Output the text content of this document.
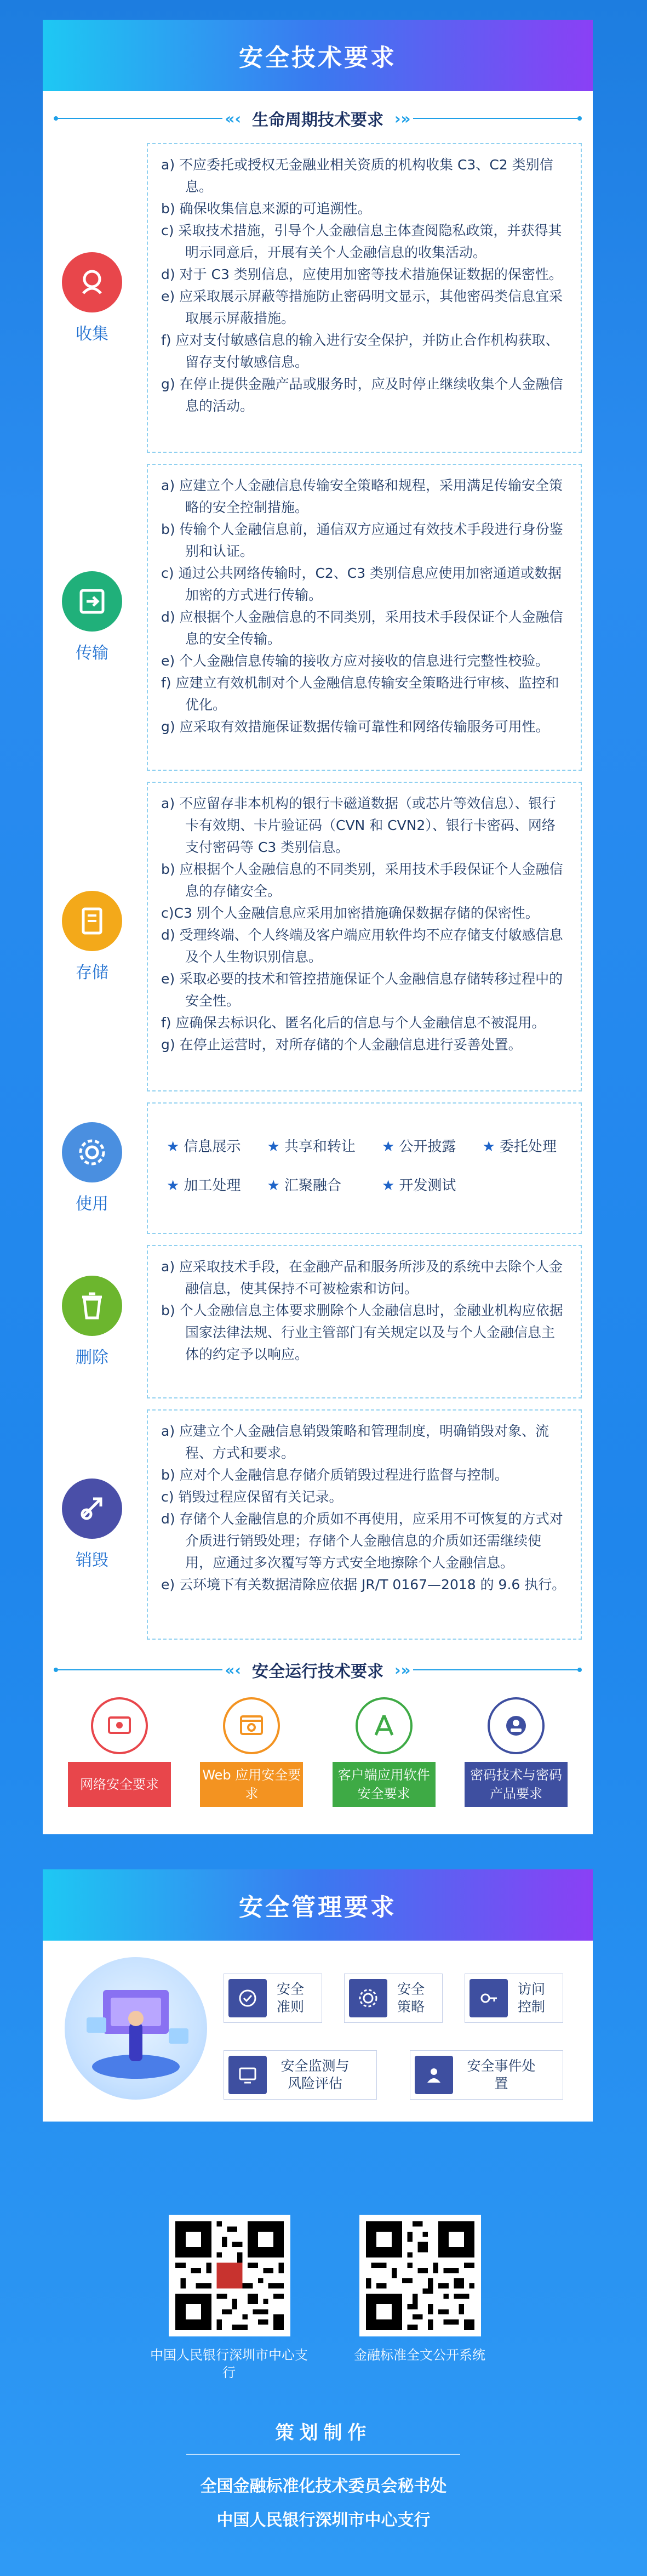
安全技术要求
«‹ 生命周期技术要求 ›»
收集
a) 不应委托或授权无金融业相关资质的机构收集 C3、C2 类别信息。
b) 确保收集信息来源的可追溯性。
c) 采取技术措施，引导个人金融信息主体查阅隐私政策，并获得其明示同意后，开展有关个人金融信息的收集活动。
d) 对于 C3 类别信息，应使用加密等技术措施保证数据的保密性。
e) 应采取展示屏蔽等措施防止密码明文显示，其他密码类信息宜采取展示屏蔽措施。
f) 应对支付敏感信息的输入进行安全保护，并防止合作机构获取、留存支付敏感信息。
g) 在停止提供金融产品或服务时，应及时停止继续收集个人金融信息的活动。
传输
a) 应建立个人金融信息传输安全策略和规程，采用满足传输安全策略的安全控制措施。
b) 传输个人金融信息前，通信双方应通过有效技术手段进行身份鉴别和认证。
c) 通过公共网络传输时，C2、C3 类别信息应使用加密通道或数据加密的方式进行传输。
d) 应根据个人金融信息的不同类别，采用技术手段保证个人金融信息的安全传输。
e) 个人金融信息传输的接收方应对接收的信息进行完整性校验。
f) 应建立有效机制对个人金融信息传输安全策略进行审核、监控和优化。
g) 应采取有效措施保证数据传输可靠性和网络传输服务可用性。
存储
a) 不应留存非本机构的银行卡磁道数据（或芯片等效信息）、银行卡有效期、卡片验证码（CVN 和 CVN2）、银行卡密码、网络支付密码等 C3 类别信息。
b) 应根据个人金融信息的不同类别，采用技术手段保证个人金融信息的存储安全。
c)C3 别个人金融信息应采用加密措施确保数据存储的保密性。
d) 受理终端、个人终端及客户端应用软件均不应存储支付敏感信息及个人生物识别信息。
e) 采取必要的技术和管控措施保证个人金融信息存储转移过程中的安全性。
f) 应确保去标识化、匿名化后的信息与个人金融信息不被混用。
g) 在停止运营时，对所存储的个人金融信息进行妥善处置。
使用
★ 信息展示	★ 共享和转让	★ 公开披露	★ 委托处理
★ 加工处理	★ 汇聚融合	★ 开发测试
删除
a) 应采取技术手段，在金融产品和服务所涉及的系统中去除个人金融信息，使其保持不可被检索和访问。
b) 个人金融信息主体要求删除个人金融信息时，金融业机构应依据国家法律法规、行业主管部门有关规定以及与个人金融信息主体的约定予以响应。
销毁
a) 应建立个人金融信息销毁策略和管理制度，明确销毁对象、流程、方式和要求。
b) 应对个人金融信息存储介质销毁过程进行监督与控制。
c) 销毁过程应保留有关记录。
d) 存储个人金融信息的介质如不再使用，应采用不可恢复的方式对介质进行销毁处理；存储个人金融信息的介质如还需继续使用，应通过多次覆写等方式安全地擦除个人金融信息。
e) 云环境下有关数据清除应依据 JR/T 0167—2018 的 9.6 执行。
«‹ 安全运行技术要求 ›»
网络安全要求
Web 应用安全要求
客户端应用软件安全要求
密码技术与密码产品要求
安全管理要求
安全准则
安全策略
访问控制
安全监测与风险评估
安全事件处置
中国人民银行深圳市中心支行
金融标准全文公开系统
策划制作
全国金融标准化技术委员会秘书处
中国人民银行深圳市中心支行
